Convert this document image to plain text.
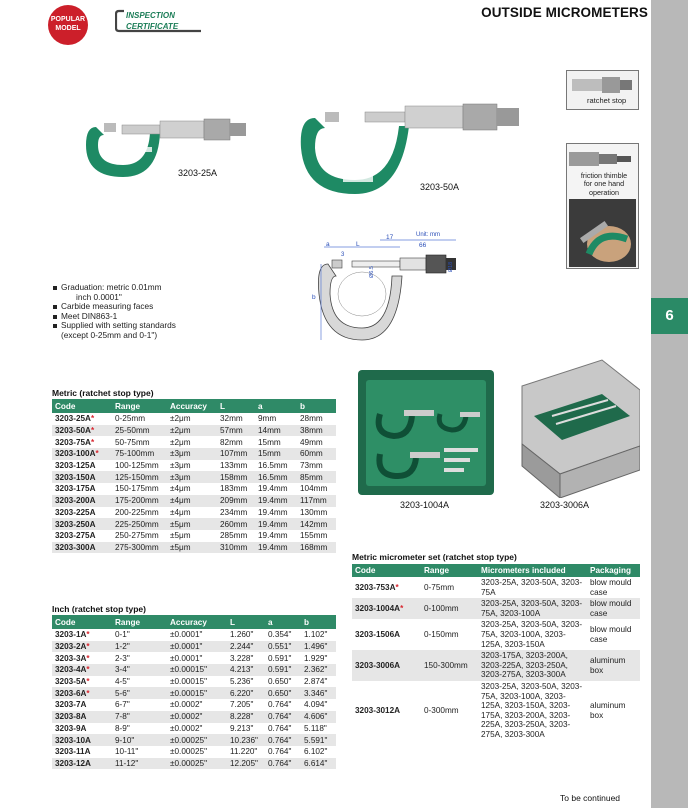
6
POPULAR MODEL
INSPECTION
CERTIFICATE
OUTSIDE MICROMETERS
3203-25A
3203-50A
ratchet stop
friction thimble
for one hand
operation
Unit: mm
a	L
17
66
3
b
Ø6.5	Ø18
Graduation: metric 0.01mm
inch 0.0001"
Carbide measuring faces
Meet DIN863-1
Supplied with setting standards
(except 0-25mm and 0-1")
3203-1004A	3203-3006A
Metric (ratchet stop type)
Code	Range	Accuracy	L	a	b
3203-25A*	0-25mm	±2μm	32mm	9mm	28mm
3203-50A*	25-50mm	±2μm	57mm	14mm	38mm
3203-75A*	50-75mm	±2μm	82mm	15mm	49mm
3203-100A*	75-100mm	±3μm	107mm	15mm	60mm
3203-125A	100-125mm	±3μm	133mm	16.5mm	73mm
3203-150A	125-150mm	±3μm	158mm	16.5mm	85mm
3203-175A	150-175mm	±4μm	183mm	19.4mm	104mm
3203-200A	175-200mm	±4μm	209mm	19.4mm	117mm
3203-225A	200-225mm	±4μm	234mm	19.4mm	130mm
3203-250A	225-250mm	±5μm	260mm	19.4mm	142mm
3203-275A	250-275mm	±5μm	285mm	19.4mm	155mm
3203-300A	275-300mm	±5μm	310mm	19.4mm	168mm
Inch (ratchet stop type)
Code	Range	Accuracy	L	a	b
3203-1A*	0-1"	±0.0001"	1.260"	0.354"	1.102"
3203-2A*	1-2"	±0.0001"	2.244"	0.551"	1.496"
3203-3A*	2-3"	±0.0001"	3.228"	0.591"	1.929"
3203-4A*	3-4"	±0.00015"	4.213"	0.591"	2.362"
3203-5A*	4-5"	±0.00015"	5.236"	0.650"	2.874"
3203-6A*	5-6"	±0.00015"	6.220"	0.650"	3.346"
3203-7A	6-7"	±0.0002"	7.205"	0.764"	4.094"
3203-8A	7-8"	±0.0002"	8.228"	0.764"	4.606"
3203-9A	8-9"	±0.0002"	9.213"	0.764"	5.118"
3203-10A	9-10"	±0.00025"	10.236"	0.764"	5.591"
3203-11A	10-11"	±0.00025"	11.220"	0.764"	6.102"
3203-12A	11-12"	±0.00025"	12.205"	0.764"	6.614"
Metric micrometer set (ratchet stop type)
Code	Range	Micrometers included	Packaging
3203-753A*	0-75mm	3203-25A, 3203-50A, 3203-75A	blow mould case
3203-1004A*	0-100mm	3203-25A, 3203-50A, 3203-75A, 3203-100A	blow mould case
3203-1506A	0-150mm	3203-25A, 3203-50A, 3203-75A, 3203-100A, 3203-125A, 3203-150A	blow mould case
3203-3006A	150-300mm	3203-175A, 3203-200A, 3203-225A, 3203-250A, 3203-275A, 3203-300A	aluminum box
3203-3012A	0-300mm	3203-25A, 3203-50A, 3203-75A, 3203-100A, 3203-125A, 3203-150A, 3203-175A, 3203-200A, 3203-225A, 3203-250A, 3203-275A, 3203-300A	aluminum box
To be continued
